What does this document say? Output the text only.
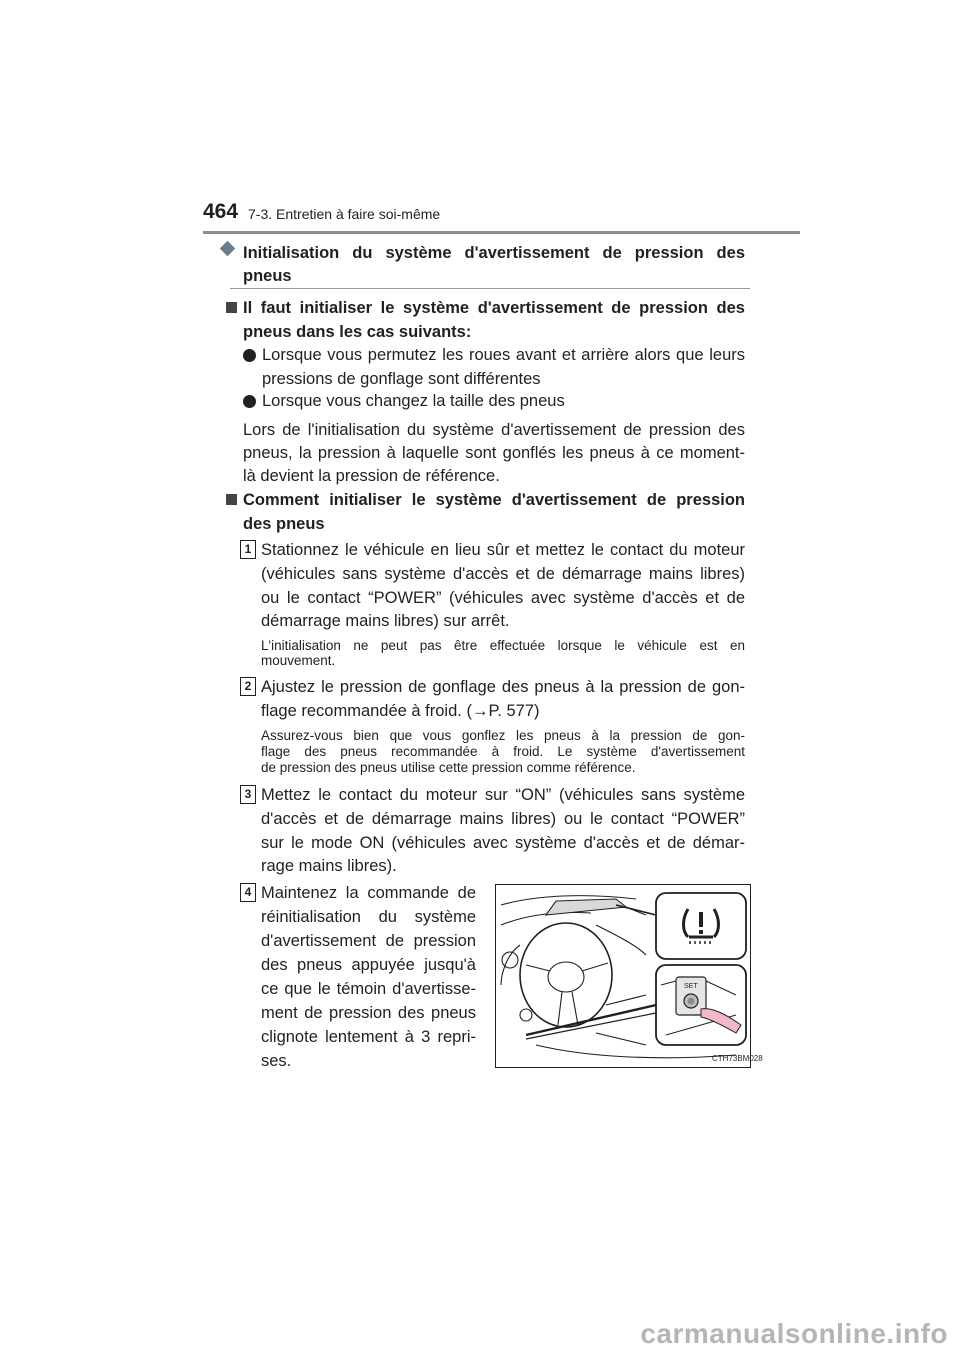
464 7-3. Entretien à faire soi-même
Initialisation du système d'avertissement de pression des
pneus
Il faut initialiser le système d'avertissement de pression des
pneus dans les cas suivants:
Lorsque vous permutez les roues avant et arrière alors que leurs
pressions de gonflage sont différentes
Lorsque vous changez la taille des pneus
Lors de l'initialisation du système d'avertissement de pression des
pneus, la pression à laquelle sont gonflés les pneus à ce moment-
là devient la pression de référence.
Comment initialiser le système d'avertissement de pression
des pneus
1 Stationnez le véhicule en lieu sûr et mettez le contact du moteur
(véhicules sans système d'accès et de démarrage mains libres)
ou le contact “POWER” (véhicules avec système d'accès et de
démarrage mains libres) sur arrêt.
L'initialisation ne peut pas être effectuée lorsque le véhicule est en
mouvement.
2 Ajustez le pression de gonflage des pneus à la pression de gon-
flage recommandée à froid. (→P. 577)
Assurez-vous bien que vous gonflez les pneus à la pression de gon-
flage des pneus recommandée à froid. Le système d'avertissement
de pression des pneus utilise cette pression comme référence.
3 Mettez le contact du moteur sur “ON” (véhicules sans système
d'accès et de démarrage mains libres) ou le contact “POWER”
sur le mode ON (véhicules avec système d'accès et de démar-
rage mains libres).
4 Maintenez la commande de
réinitialisation du système
d'avertissement de pression
des pneus appuyée jusqu'à
ce que le témoin d'avertisse-
ment de pression des pneus
clignote lentement à 3 repri-
ses.
SET
CTH73BM028
carmanualsonline.info
